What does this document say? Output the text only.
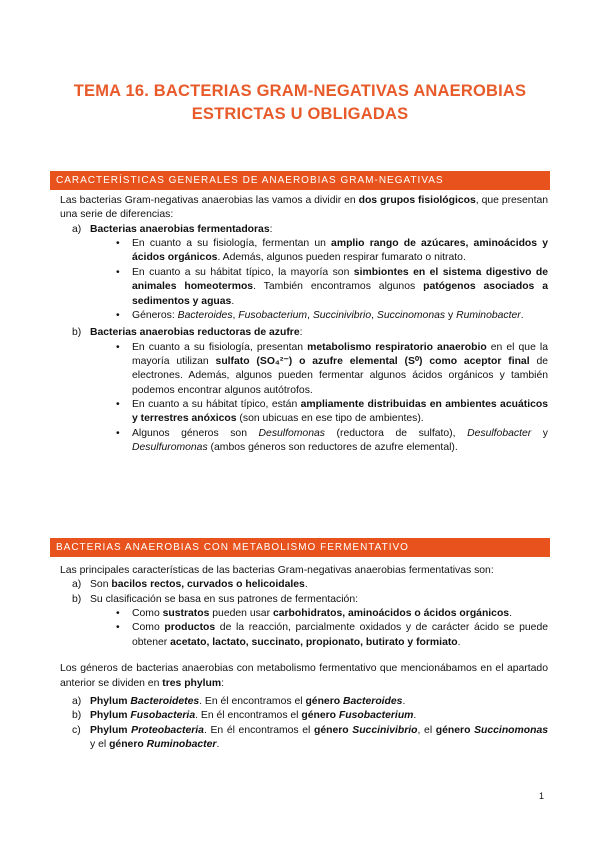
TEMA 16. BACTERIAS GRAM-NEGATIVAS ANAEROBIAS
ESTRICTAS U OBLIGADAS
CARACTERÍSTICAS GENERALES DE ANAEROBIAS GRAM-NEGATIVAS

Las bacterias Gram-negativas anaerobias las vamos a dividir en dos grupos fisiológicos, que presentan una serie de diferencias:

a) Bacterias anaerobias fermentadoras:

• En cuanto a su fisiología, fermentan un amplio rango de azúcares, aminoácidos y ácidos orgánicos. Además, algunos pueden respirar fumarato o nitrato.

• En cuanto a su hábitat típico, la mayoría son simbiontes en el sistema digestivo de animales homeotermos. También encontramos algunos patógenos asociados a sedimentos y aguas.

• Géneros: Bacteroides, Fusobacterium, Succinivibrio, Succinomonas y Ruminobacter.

b) Bacterias anaerobias reductoras de azufre:

• En cuanto a su fisiología, presentan metabolismo respiratorio anaerobio en el que la mayoría utilizan sulfato (SO₄²⁻) o azufre elemental (S⁰) como aceptor final de electrones. Además, algunos pueden fermentar algunos ácidos orgánicos y también podemos encontrar algunos autótrofos.

• En cuanto a su hábitat típico, están ampliamente distribuidas en ambientes acuáticos y terrestres anóxicos (son ubicuas en ese tipo de ambientes).

• Algunos géneros son Desulfomonas (reductora de sulfato), Desulfobacter y Desulfuromonas (ambos géneros son reductores de azufre elemental).

BACTERIAS ANAEROBIAS CON METABOLISMO FERMENTATIVO

Las principales características de las bacterias Gram-negativas anaerobias fermentativas son:

a) Son bacilos rectos, curvados o helicoidales.

b) Su clasificación se basa en sus patrones de fermentación:

• Como sustratos pueden usar carbohidratos, aminoácidos o ácidos orgánicos.

• Como productos de la reacción, parcialmente oxidados y de carácter ácido se puede obtener acetato, lactato, succinato, propionato, butirato y formiato.

Los géneros de bacterias anaerobias con metabolismo fermentativo que mencionábamos en el apartado anterior se dividen en tres phylum:

a) Phylum Bacteroidetes. En él encontramos el género Bacteroides.

b) Phylum Fusobacteria. En él encontramos el género Fusobacterium.

c) Phylum Proteobacteria. En él encontramos el género Succinivibrio, el género Succinomonas y el género Ruminobacter.

1
